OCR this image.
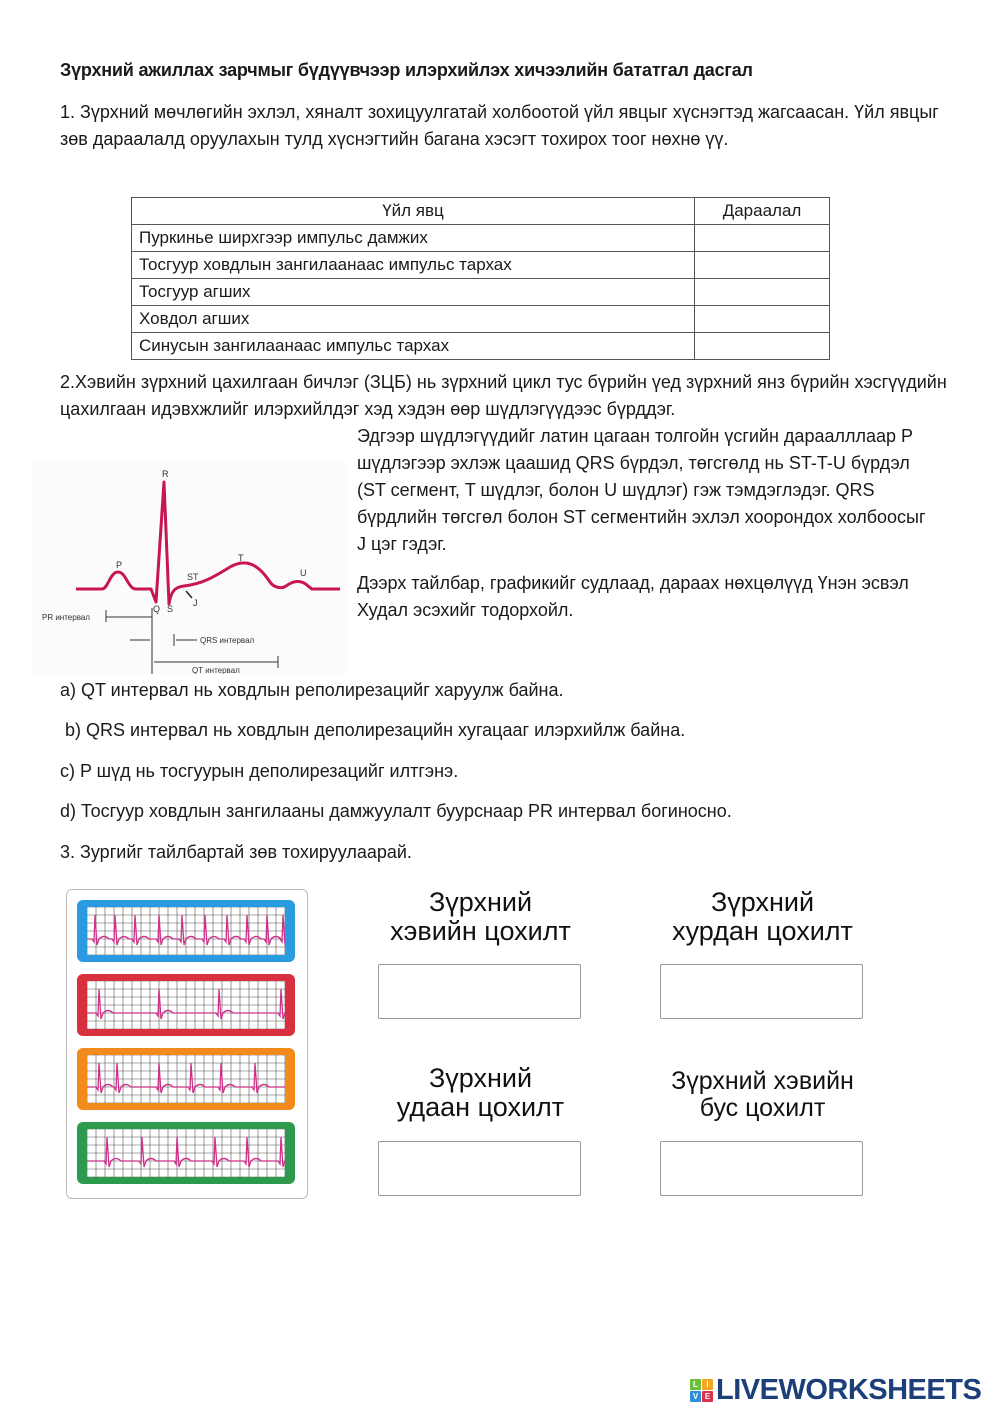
Зүрхний ажиллах зарчмыг бүдүүвчээр илэрхийлэх хичээлийн бататгал дасгал
1. Зүрхний мөчлөгийн эхлэл, хяналт зохицуулгатай холбоотой үйл явцыг хүснэгтэд жагсаасан. Үйл явцыг зөв дараалалд оруулахын тулд хүснэгтийн багана хэсэгт тохирох тоог нөхнө үү.
Үйл явц	Дараалал
Пуркинье ширхгээр импульс дамжих	
Тосгуур ховдлын зангилаанаас импульс тархах	
Тосгуур агших	
Ховдол агших	
Синусын зангилаанаас импульс тархах	
2.Хэвийн зүрхний цахилгаан бичлэг (ЗЦБ) нь зүрхний цикл тус бүрийн үед зүрхний янз бүрийн хэсгүүдийн цахилгаан идэвхжлийг илэрхийлдэг хэд хэдэн өөр шүдлэгүүдээс бүрддэг.
Эдгээр шүдлэгүүдийг латин цагаан толгойн үсгийн дараалллаар P шүдлэгээр эхлэж цаашид QRS бүрдэл, төгсгөлд нь ST-T-U бүрдэл (ST сегмент, T шүдлэг, болон U шүдлэг) гэж тэмдэглэдэг. QRS бүрдлийн төгсгөл болон ST сегментийн эхлэл хоорондох холбоосыг J цэг гэдэг.
Дээрх тайлбар, графикийг судлаад, дараах нөхцөлүүд Үнэн эсвэл Худал эсэхийг тодорхойл.
R
P
Q S
ST
J
T
U
PR интервал
QRS интервал
QT интервал
a) QT интервал нь ховдлын реполирезацийг харуулж байна.
b) QRS интервал нь ховдлын деполирезацийн хугацааг илэрхийлж байна.
c) P шүд нь тосгуурын деполирезацийг илтгэнэ.
d) Тосгуур ховдлын зангилааны дамжуулалт буурснаар PR интервал богиносно.
3. Зургийг тайлбартай зөв тохируулаарай.
Зүрхний
хэвийн цохилт
Зүрхний
хурдан цохилт
Зүрхний
удаан цохилт
Зүрхний хэвийн
бус цохилт
L	I
V E LIVEWORKSHEETS
